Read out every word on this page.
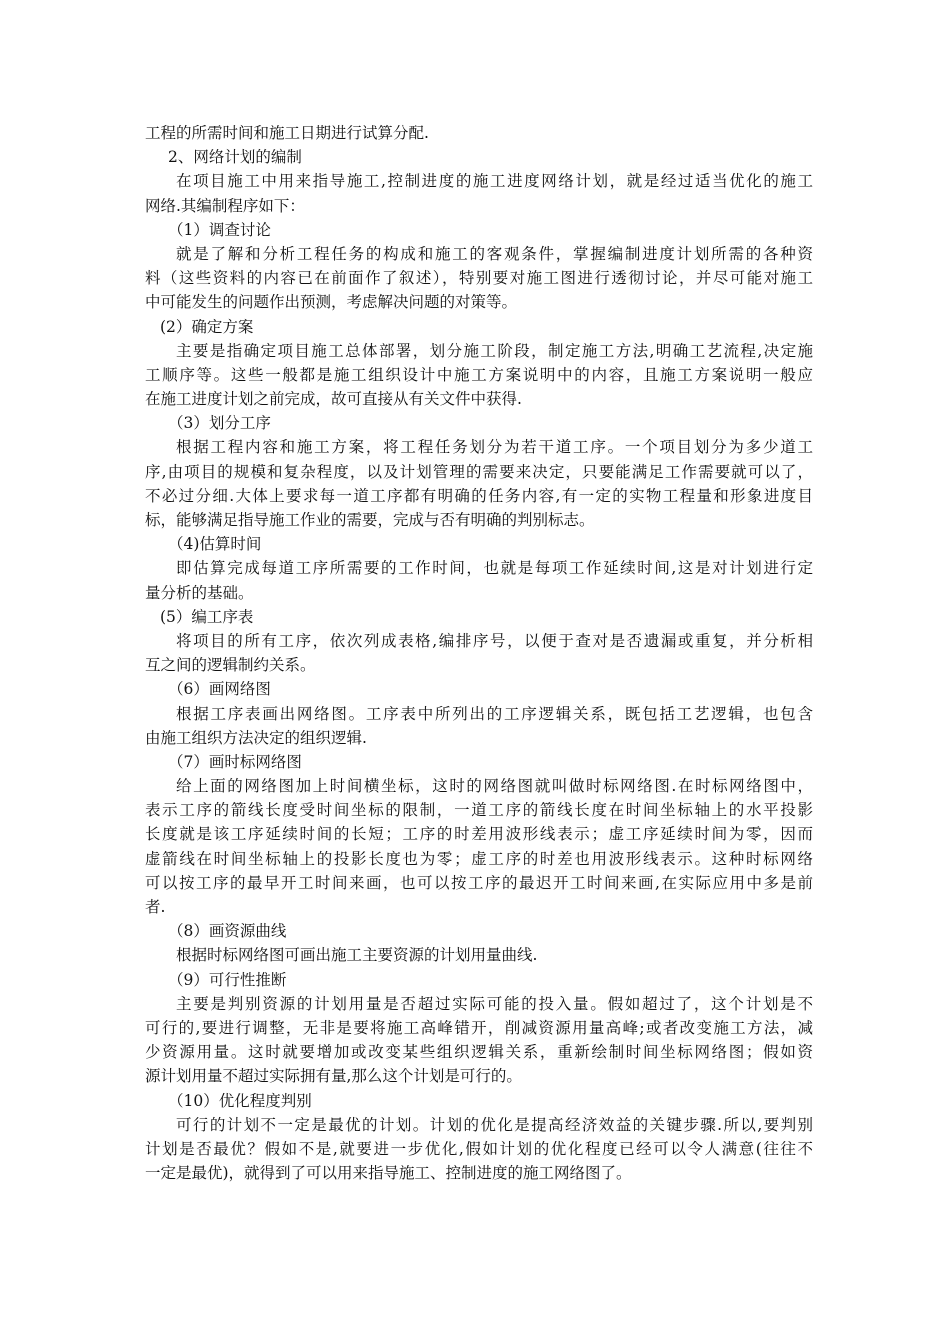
工程的所需时间和施工日期进行试算分配.
2、网络计划的编制
在项目施工中用来指导施工,控制进度的施工进度网络计划，就是经过适当优化的施工
网络.其编制程序如下：
（1）调查讨论
就是了解和分析工程任务的构成和施工的客观条件，掌握编制进度计划所需的各种资
料（这些资料的内容已在前面作了叙述），特别要对施工图进行透彻讨论，并尽可能对施工
中可能发生的问题作出预测，考虑解决问题的对策等。
(2）确定方案
主要是指确定项目施工总体部署，划分施工阶段，制定施工方法,明确工艺流程,决定施
工顺序等。这些一般都是施工组织设计中施工方案说明中的内容，且施工方案说明一般应
在施工进度计划之前完成，故可直接从有关文件中获得.
（3）划分工序
根据工程内容和施工方案，将工程任务划分为若干道工序。一个项目划分为多少道工
序,由项目的规模和复杂程度，以及计划管理的需要来决定，只要能满足工作需要就可以了，
不必过分细.大体上要求每一道工序都有明确的任务内容,有一定的实物工程量和形象进度目
标，能够满足指导施工作业的需要，完成与否有明确的判别标志。
（4)估算时间
即估算完成每道工序所需要的工作时间，也就是每项工作延续时间,这是对计划进行定
量分析的基础。
(5）编工序表
将项目的所有工序，依次列成表格,编排序号，以便于查对是否遗漏或重复，并分析相
互之间的逻辑制约关系。
（6）画网络图
根据工序表画出网络图。工序表中所列出的工序逻辑关系，既包括工艺逻辑，也包含
由施工组织方法决定的组织逻辑.
（7）画时标网络图
给上面的网络图加上时间横坐标，这时的网络图就叫做时标网络图.在时标网络图中，
表示工序的箭线长度受时间坐标的限制，一道工序的箭线长度在时间坐标轴上的水平投影
长度就是该工序延续时间的长短；工序的时差用波形线表示；虚工序延续时间为零，因而
虚箭线在时间坐标轴上的投影长度也为零；虚工序的时差也用波形线表示。这种时标网络
可以按工序的最早开工时间来画，也可以按工序的最迟开工时间来画,在实际应用中多是前
者.
（8）画资源曲线
根据时标网络图可画出施工主要资源的计划用量曲线.
（9）可行性推断
主要是判别资源的计划用量是否超过实际可能的投入量。假如超过了，这个计划是不
可行的,要进行调整，无非是要将施工高峰错开，削减资源用量高峰;或者改变施工方法，减
少资源用量。这时就要增加或改变某些组织逻辑关系，重新绘制时间坐标网络图；假如资
源计划用量不超过实际拥有量,那么这个计划是可行的。
（10）优化程度判别
可行的计划不一定是最优的计划。计划的优化是提高经济效益的关键步骤.所以,要判别
计划是否最优？假如不是,就要进一步优化,假如计划的优化程度已经可以令人满意(往往不
一定是最优)，就得到了可以用来指导施工、控制进度的施工网络图了。
